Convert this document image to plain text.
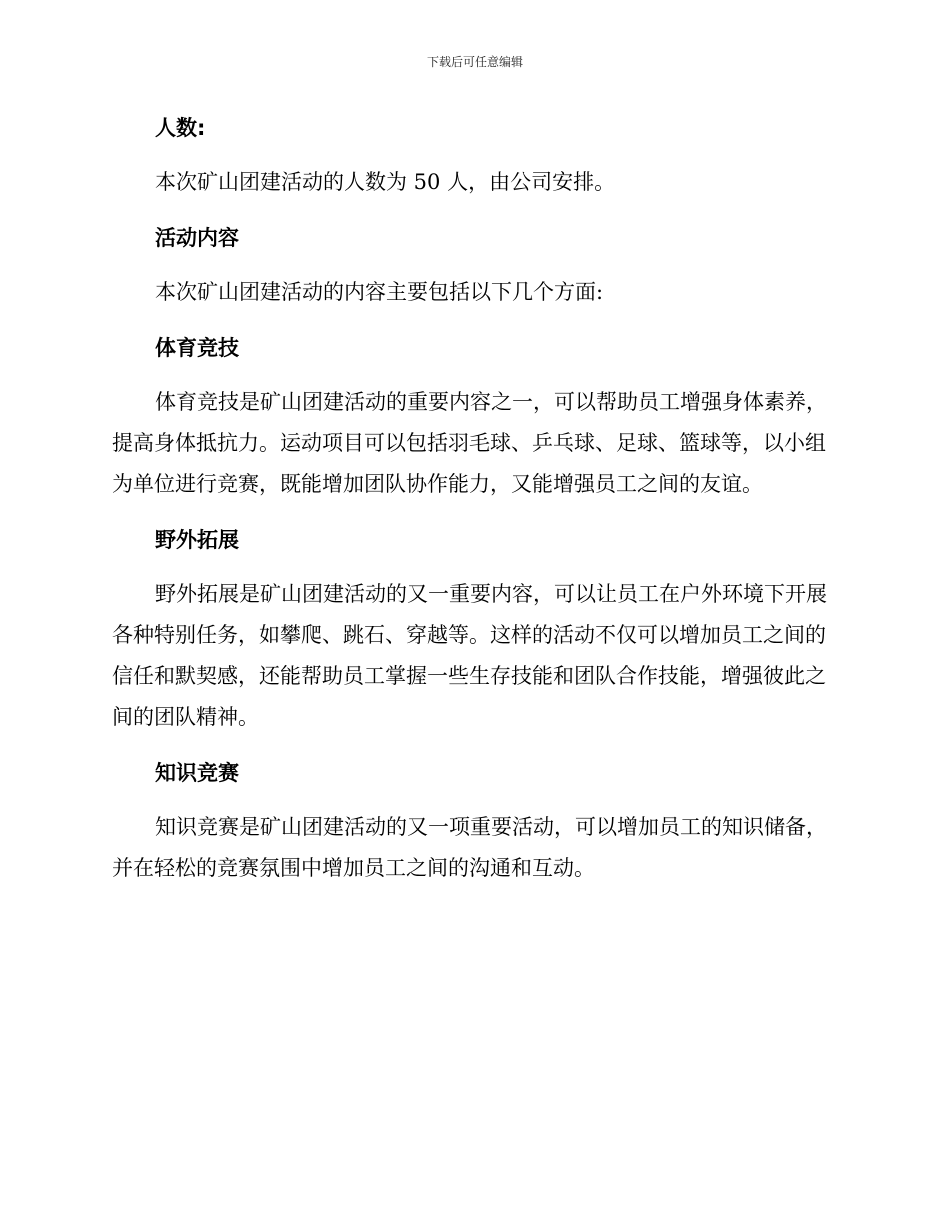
下载后可任意编辑
人数:

本次矿山团建活动的人数为 50 人，由公司安排。

活动内容

本次矿山团建活动的内容主要包括以下几个方面:

体育竞技

体育竞技是矿山团建活动的重要内容之一，可以帮助员工增强身体素养，提高身体抵抗力。运动项目可以包括羽毛球、乒乓球、足球、篮球等，以小组为单位进行竞赛，既能增加团队协作能力，又能增强员工之间的友谊。

野外拓展

野外拓展是矿山团建活动的又一重要内容，可以让员工在户外环境下开展各种特别任务，如攀爬、跳石、穿越等。这样的活动不仅可以增加员工之间的信任和默契感，还能帮助员工掌握一些生存技能和团队合作技能，增强彼此之间的团队精神。

知识竞赛

知识竞赛是矿山团建活动的又一项重要活动，可以增加员工的知识储备，并在轻松的竞赛氛围中增加员工之间的沟通和互动。
